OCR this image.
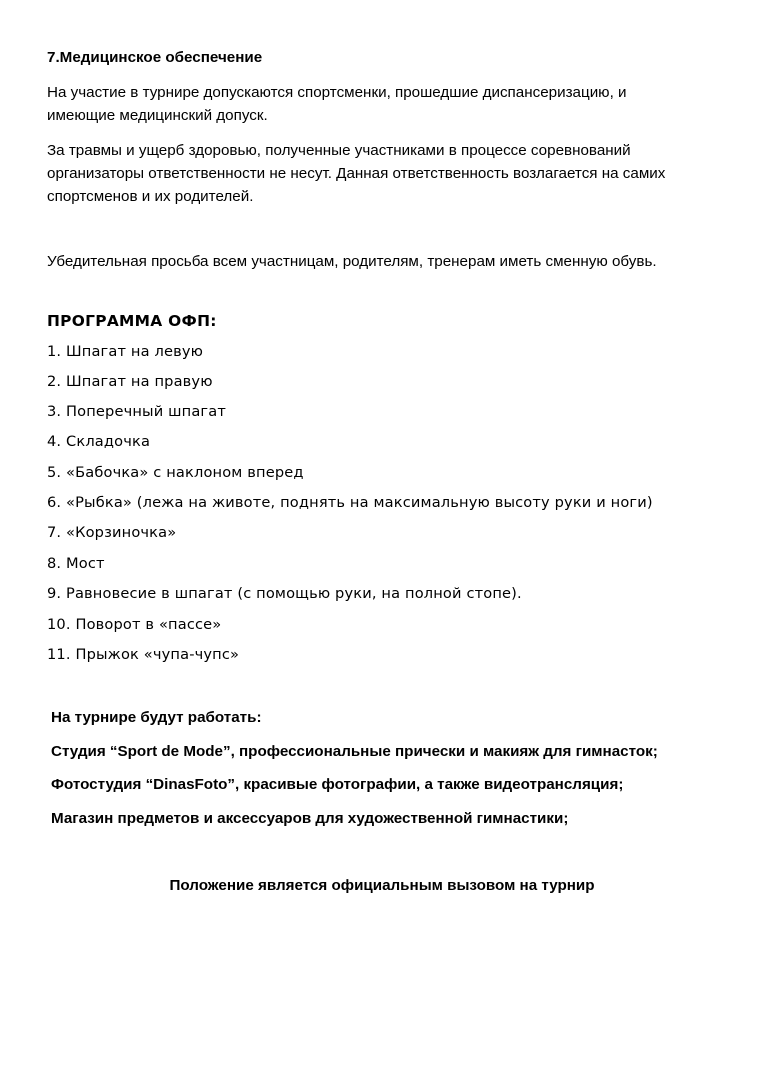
7.Медицинское обеспечение
На участие в турнире допускаются спортсменки, прошедшие диспансеризацию, и
имеющие медицинский допуск.
За травмы и ущерб здоровью, полученные участниками в процессе соревнований
организаторы ответственности не несут. Данная ответственность возлагается на самих
спортсменов и их родителей.
Убедительная просьба всем участницам, родителям, тренерам иметь сменную обувь.
ПРОГРАММА ОФП:
1. Шпагат на левую
2. Шпагат на правую
3. Поперечный шпагат
4. Складочка
5. «Бабочка» с наклоном вперед
6. «Рыбка» (лежа на животе, поднять на максимальную высоту руки и ноги)
7. «Корзиночка»
8. Мост
9. Равновесие в шпагат (с помощью руки, на полной стопе).
10. Поворот в «пассе»
11. Прыжок «чупа-чупс»
На турнире будут работать:
Студия “Sport de Mode”, профессиональные прически и макияж для гимнасток;
Фотостудия “DinasFoto”, красивые фотографии, а также видеотрансляция;
Магазин предметов и аксессуаров для художественной гимнастики;
Положение является официальным вызовом на турнир
